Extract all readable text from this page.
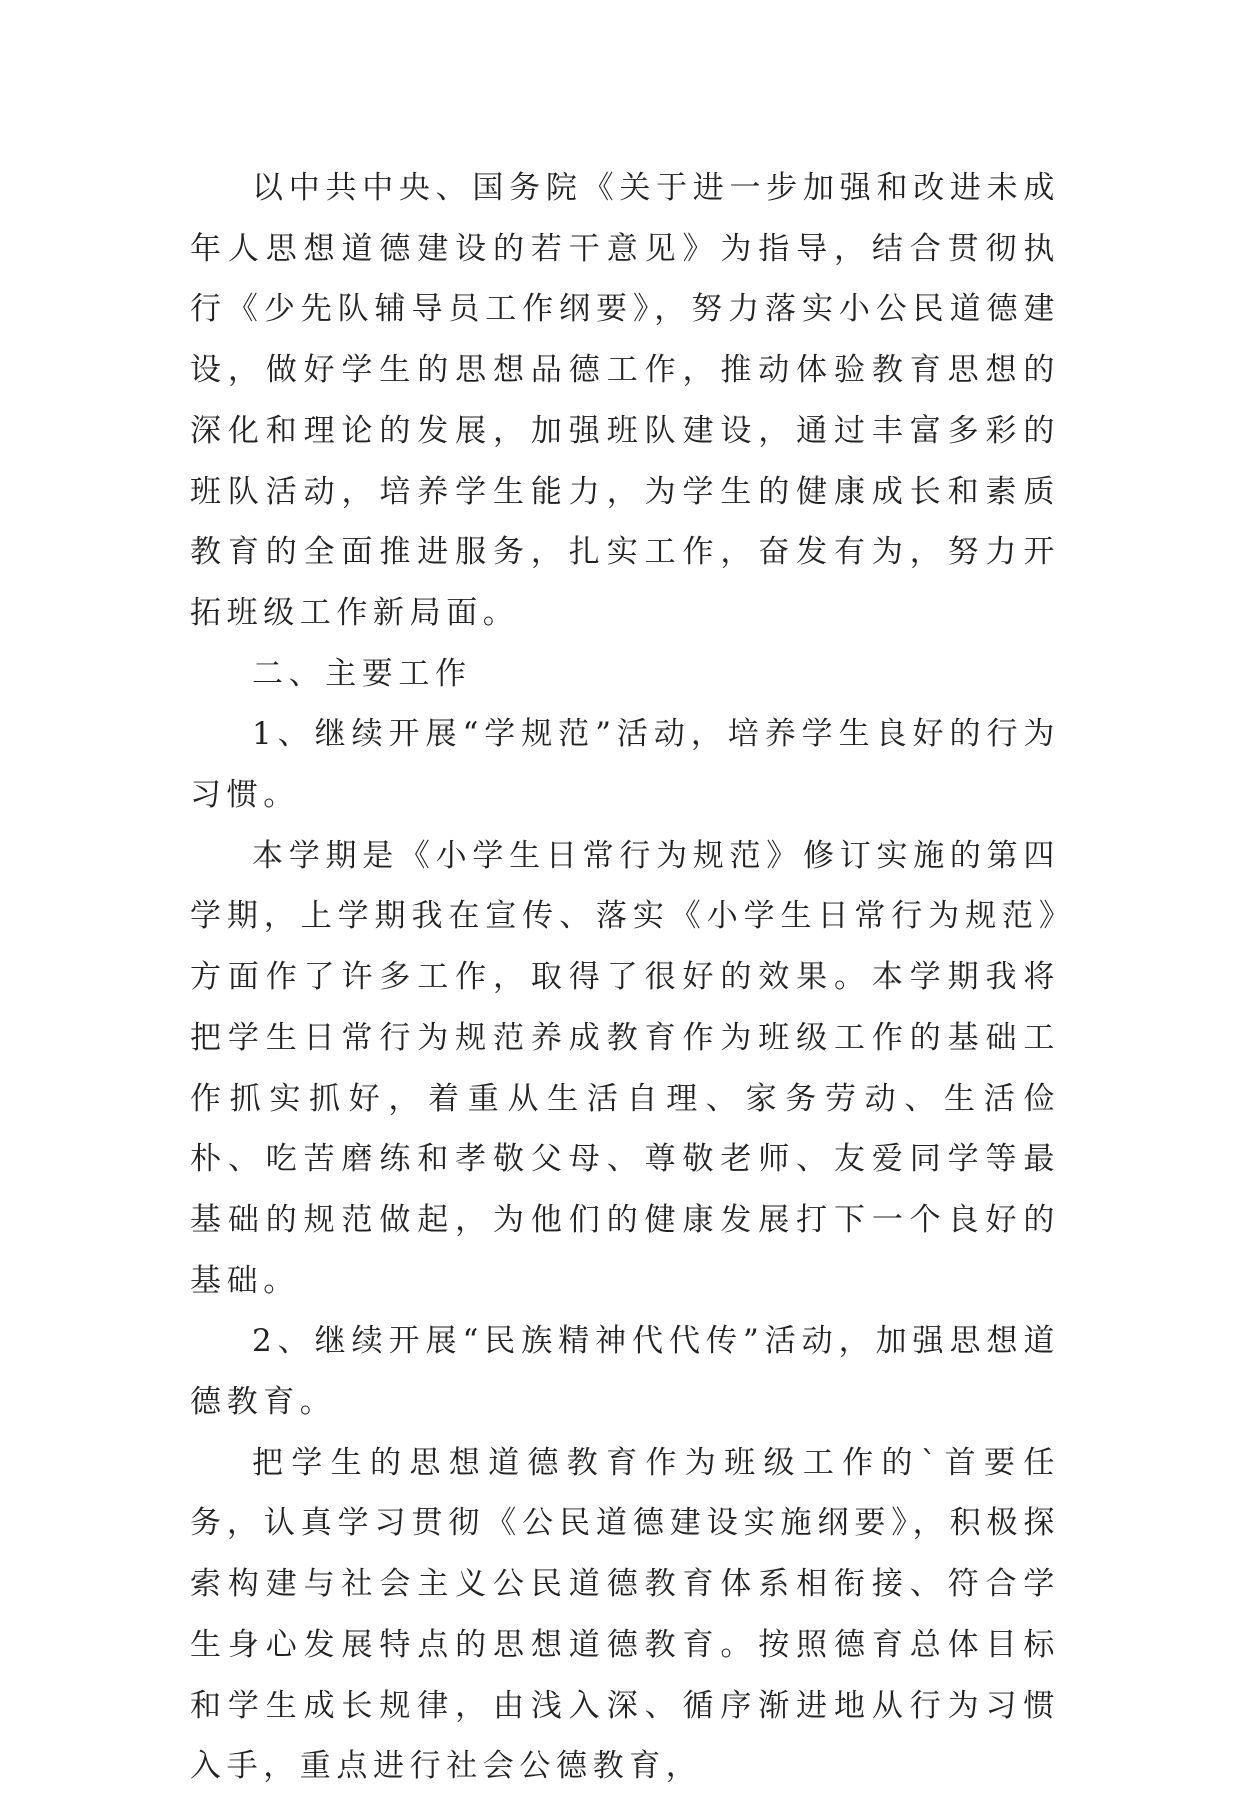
以中共中央、国务院《关于进一步加强和改进未成年人思想道德建设的若干意见》为指导，结合贯彻执行《少先队辅导员工作纲要》，努力落实小公民道德建设，做好学生的思想品德工作，推动体验教育思想的深化和理论的发展，加强班队建设，通过丰富多彩的班队活动，培养学生能力，为学生的健康成长和素质教育的全面推进服务，扎实工作，奋发有为，努力开拓班级工作新局面。

二、主要工作

1、继续开展“学规范”活动，培养学生良好的行为习惯。

本学期是《小学生日常行为规范》修订实施的第四学期，上学期我在宣传、落实《小学生日常行为规范》方面作了许多工作，取得了很好的效果。本学期我将把学生日常行为规范养成教育作为班级工作的基础工作抓实抓好，着重从生活自理、家务劳动、生活俭朴、吃苦磨练和孝敬父母、尊敬老师、友爱同学等最基础的规范做起，为他们的健康发展打下一个良好的基础。

2、继续开展“民族精神代代传”活动，加强思想道德教育。

把学生的思想道德教育作为班级工作的`首要任务，认真学习贯彻《公民道德建设实施纲要》，积极探索构建与社会主义公民道德教育体系相衔接、符合学生身心发展特点的思想道德教育。按照德育总体目标和学生成长规律，由浅入深、循序渐进地从行为习惯入手，重点进行社会公德教育，
